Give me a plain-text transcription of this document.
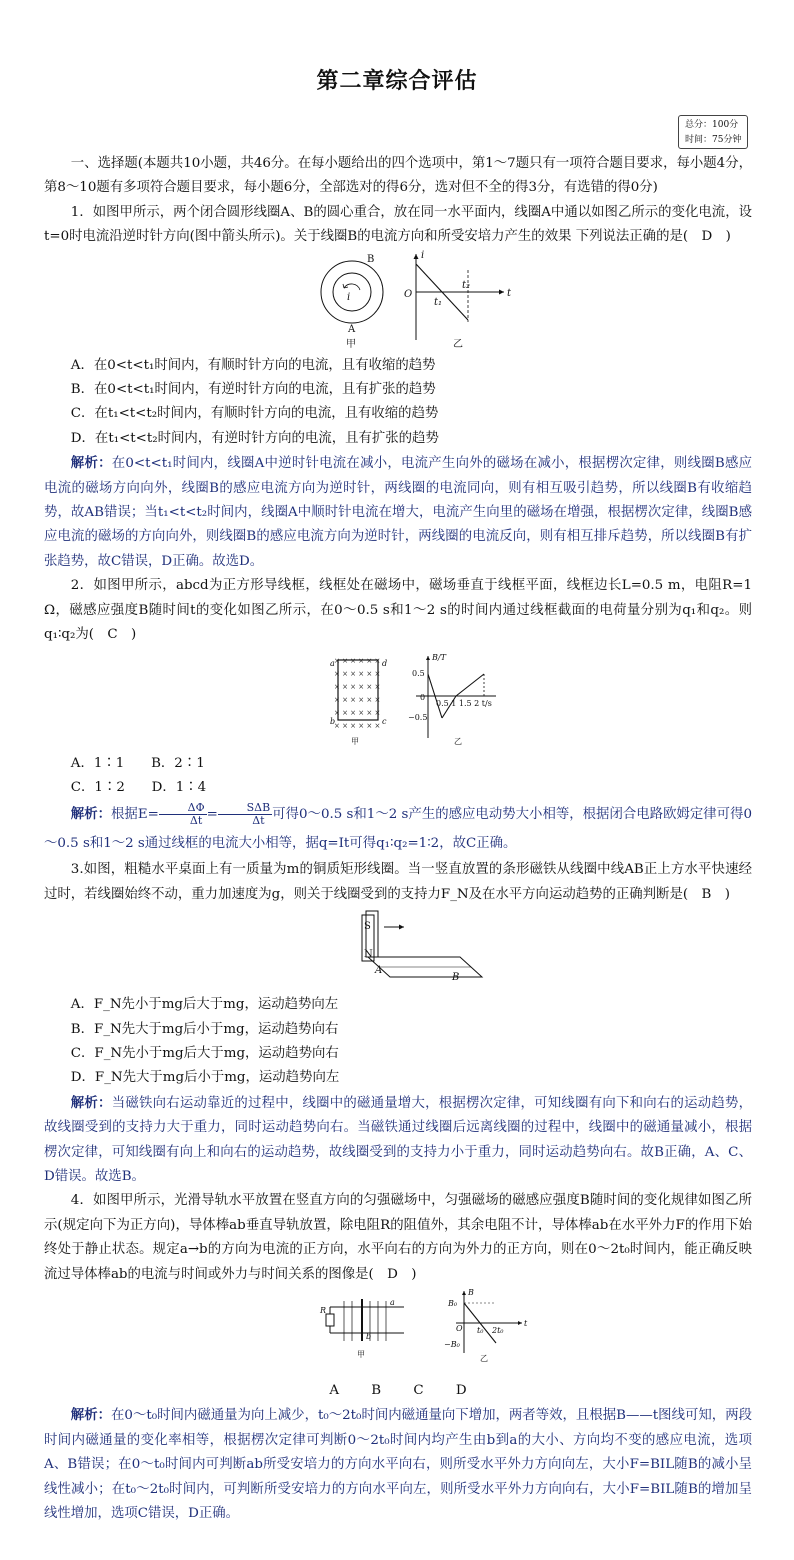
第二章综合评估
总分：100分
时间：75分钟

一、选择题(本题共10小题，共46分。在每小题给出的四个选项中，第1～7题只有一项符合题目要求，每小题4分，第8～10题有多项符合题目要求，每小题6分，全部选对的得6分，选对但不全的得3分，有选错的得0分)

1．如图甲所示，两个闭合圆形线圈A、B的圆心重合，放在同一水平面内，线圈A中通以如图乙所示的变化电流，设t=0时电流沿逆时针方向(图中箭头所示)。关于线圈B的电流方向和所受安培力产生的效果 下列说法正确的是(　D　)

B
i
A
甲
i
O	t
t₁
t₂
乙

A．在0<t<t₁时间内，有顺时针方向的电流，且有收缩的趋势

B．在0<t<t₁时间内，有逆时针方向的电流，且有扩张的趋势

C．在t₁<t<t₂时间内，有顺时针方向的电流，且有收缩的趋势

D．在t₁<t<t₂时间内，有逆时针方向的电流，且有扩张的趋势

解析：在0<t<t₁时间内，线圈A中逆时针电流在减小，电流产生向外的磁场在减小，根据楞次定律，则线圈B感应电流的磁场方向向外，线圈B的感应电流方向为逆时针，两线圈的电流同向，则有相互吸引趋势，所以线圈B有收缩趋势，故AB错误；当t₁<t<t₂时间内，线圈A中顺时针电流在增大，电流产生向里的磁场在增强，根据楞次定律，线圈B感应电流的磁场的方向向外，则线圈B的感应电流方向为逆时针，两线圈的电流反向，则有相互排斥趋势，所以线圈B有扩张趋势，故C错误，D正确。故选D。

2．如图甲所示，abcd为正方形导线框，线框处在磁场中，磁场垂直于线框平面，线框边长L=0.5 m，电阻R=1 Ω，磁感应强度B随时间t的变化如图乙所示，在0～0.5 s和1～2 s的时间内通过线框截面的电荷量分别为q₁和q₂。则q₁∶q₂为(　C　)

× × × × × ×
× × × × × ×
× × × × × ×
× × × × × ×
× × × × × ×
× × × × × ×
a	d
b	c
甲
B/T
0.5
0
−0.5
0.5 1 1.5 2 t/s
乙

A．1∶1　　B．2∶1

C．1∶2　　D．1∶4

解析：根据$E= \frac{\Delta\Phi}{\Delta t} = \frac{\text{SΔB}}{\Delta t}$ 可得0～0.5 s和1～2 s产生的感应电动势大小相等，根据闭合电路欧姆定律可得0～0.5 s和1～2 s通过线框的电流大小相等，据q=It可得q₁∶q₂=1∶2，故C正确。

3.如图，粗糙水平桌面上有一质量为m的铜质矩形线圈。当一竖直放置的条形磁铁从线圈中线AB正上方水平快速经过时，若线圈始终不动，重力加速度为g，则关于线圈受到的支持力F_N及在水平方向运动趋势的正确判断是(　B　)

S
N
A
B

A．F_N先小于mg后大于mg，运动趋势向左

B．F_N先大于mg后小于mg，运动趋势向右

C．F_N先小于mg后大于mg，运动趋势向右

D．F_N先大于mg后小于mg，运动趋势向左

解析：当磁铁向右运动靠近的过程中，线圈中的磁通量增大，根据楞次定律，可知线圈有向下和向右的运动趋势，故线圈受到的支持力大于重力，同时运动趋势向右。当磁铁通过线圈后远离线圈的过程中，线圈中的磁通量减小，根据楞次定律，可知线圈有向上和向右的运动趋势，故线圈受到的支持力小于重力，同时运动趋势向右。故B正确，A、C、D错误。故选B。

4．如图甲所示，光滑导轨水平放置在竖直方向的匀强磁场中，匀强磁场的磁感应强度B随时间的变化规律如图乙所示(规定向下为正方向)，导体棒ab垂直导轨放置，除电阻R的阻值外，其余电阻不计，导体棒ab在水平外力F的作用下始终处于静止状态。规定a→b的方向为电流的正方向，水平向右的方向为外力的正方向，则在0～2t₀时间内，能正确反映流过导体棒ab的电流与时间或外力与时间关系的图像是(　D　)

R
a
b
甲
B
B₀
−B₀
O t₀ 2t₀
t
乙

A B C D

解析：在0～t₀时间内磁通量为向上减少，t₀～2t₀时间内磁通量向下增加，两者等效，且根据B——t图线可知，两段时间内磁通量的变化率相等，根据楞次定律可判断0～2t₀时间内均产生由b到a的大小、方向均不变的感应电流，选项A、B错误；在0～t₀时间内可判断ab所受安培力的方向水平向右，则所受水平外力方向向左，大小F=BIL随B的减小呈线性减小；在t₀～2t₀时间内，可判断所受安培力的方向水平向左，则所受水平外力方向向右，大小F=BIL随B的增加呈线性增加，选项C错误，D正确。
